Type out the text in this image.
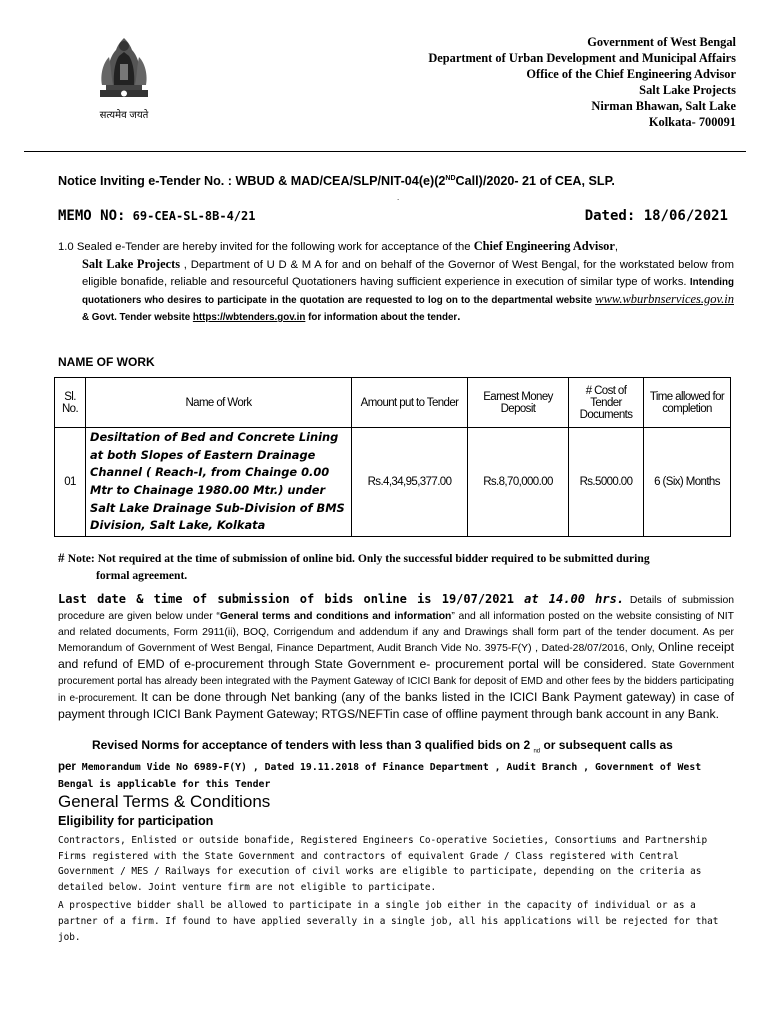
सत्यमेव जयते
Government of West Bengal
Department of Urban Development and Municipal Affairs
Office of the Chief Engineering Advisor
Salt Lake Projects
Nirman Bhawan, Salt Lake
Kolkata- 700091
Notice Inviting e-Tender No. : WBUD & MAD/CEA/SLP/NIT-04(e)(2NDCall)/2020- 21 of CEA, SLP.
.
MEMO NO: 69-CEA-SL-8B-4/21	Dated: 18/06/2021
1.0 Sealed e-Tender are hereby invited for the following work for acceptance of the Chief Engineering Advisor,
Salt Lake Projects , Department of U D & M A for and on behalf of the Governor of West Bengal, for the workstated below from eligible bonafide, reliable and resourceful Quotationers having sufficient experience in execution of similar type of works. Intending quotationers who desires to participate in the quotation are requested to log on to the departmental website www.wburbnservices.gov.in & Govt. Tender website https://wbtenders.gov.in for information about the tender.
NAME OF WORK
Sl. No.	Name of Work	Amount put to Tender	Earnest Money Deposit	# Cost of Tender Documents	Time allowed for completion
01	Desiltation of Bed and Concrete Lining at both Slopes of Eastern Drainage Channel ( Reach-I, from Chainge 0.00 Mtr to Chainage 1980.00 Mtr.) under Salt Lake Drainage Sub-Division of BMS Division, Salt Lake, Kolkata	Rs.4,34,95,377.00	Rs.8,70,000.00	Rs.5000.00	6 (Six) Months
# Note: Not required at the time of submission of online bid. Only the successful bidder required to be submitted during
formal agreement.
Last date & time of submission of bids online is 19/07/2021 at 14.00 hrs. Details of submission procedure are given below under “General terms and conditions and information” and all information posted on the website consisting of NIT and related documents, Form 2911(ii), BOQ, Corrigendum and addendum if any and Drawings shall form part of the tender document. As per Memorandum of Government of West Bengal, Finance Department, Audit Branch Vide No. 3975-F(Y) , Dated-28/07/2016, Only, Online receipt and refund of EMD of e-procurement through State Government e- procurement portal will be considered. State Government procurement portal has already been integrated with the Payment Gateway of ICICI Bank for deposit of EMD and other fees by the bidders participating in e-procurement. It can be done through Net banking (any of the banks listed in the ICICI Bank Payment gateway) in case of payment through ICICI Bank Payment Gateway; RTGS/NEFTin case of offline payment through bank account in any Bank.
Revised Norms for acceptance of tenders with less than 3 qualified bids on 2 $_{nd}$ or subsequent calls as
per Memorandum Vide No 6989-F(Y) , Dated 19.11.2018 of Finance Department , Audit Branch , Government of West Bengal is applicable for this Tender
General Terms & Conditions
Eligibility for participation

Contractors, Enlisted or outside bonafide, Registered Engineers Co-operative Societies, Consortiums and Partnership Firms registered with the State Government and contractors of equivalent Grade / Class registered with Central Government / MES / Railways for execution of civil works are eligible to participate, depending on the criteria as detailed below. Joint venture firm are not eligible to participate.

A prospective bidder shall be allowed to participate in a single job either in the capacity of individual or as a partner of a firm. If found to have applied severally in a single job, all his applications will be rejected for that job.
